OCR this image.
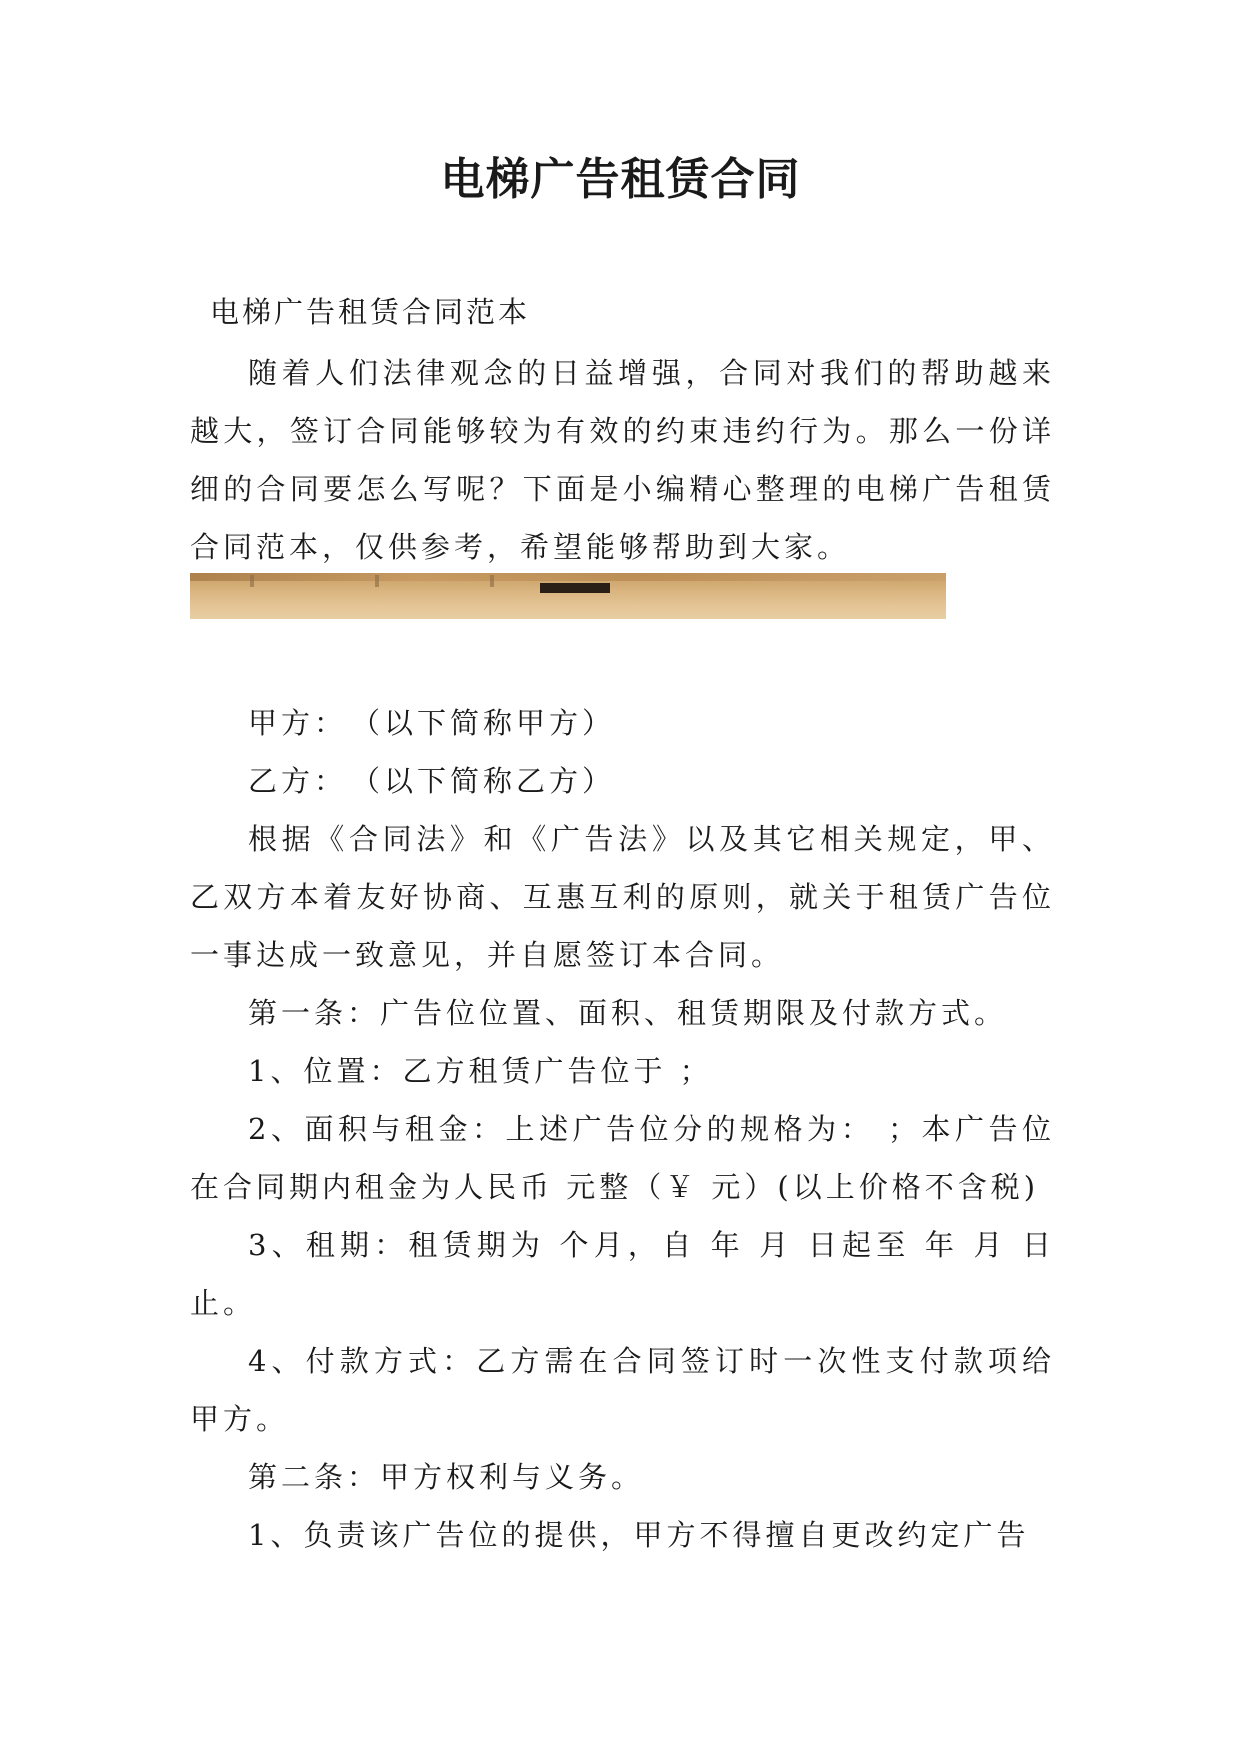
电梯广告租赁合同
电梯广告租赁合同范本

随着人们法律观念的日益增强，合同对我们的帮助越来越大，签订合同能够较为有效的约束违约行为。那么一份详细的合同要怎么写呢？下面是小编精心整理的电梯广告租赁合同范本，仅供参考，希望能够帮助到大家。

甲方：　（以下简称甲方）

乙方：　（以下简称乙方）

根据《合同法》和《广告法》以及其它相关规定，甲、乙双方本着友好协商、互惠互利的原则，就关于租赁广告位一事达成一致意见，并自愿签订本合同。

第一条：广告位位置、面积、租赁期限及付款方式。

1、位置：乙方租赁广告位于 ；

2、面积与租金：上述广告位分的规格为： ；本广告位在合同期内租金为人民币 元整（￥ 元）(以上价格不含税)

3、租期：租赁期为 个月，自 年 月 日起至 年 月 日止。

4、付款方式：乙方需在合同签订时一次性支付款项给甲方。

第二条：甲方权利与义务。

1、负责该广告位的提供，甲方不得擅自更改约定广告
